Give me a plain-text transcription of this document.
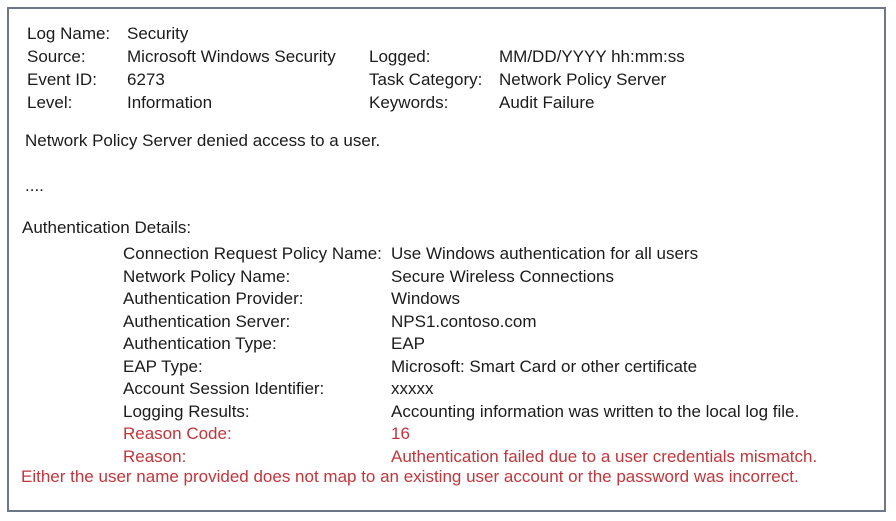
Log Name: Security
Source:	Microsoft Windows Security	Logged:	MM/DD/YYYY hh:mm:ss
Event ID:	6273	Task Category: Network Policy Server
Level:	Information	Keywords:	Audit Failure
Network Policy Server denied access to a user.
....
Authentication Details:
Connection Request Policy Name: Use Windows authentication for all users
Network Policy Name:	Secure Wireless Connections
Authentication Provider:	Windows
Authentication Server:	NPS1.contoso.com
Authentication Type:	EAP
EAP Type:	Microsoft: Smart Card or other certificate
Account Session Identifier:	xxxxx
Logging Results:	Accounting information was written to the local log file.
Reason Code:	16
Reason:	Authentication failed due to a user credentials mismatch.
Either the user name provided does not map to an existing user account or the password was incorrect.
